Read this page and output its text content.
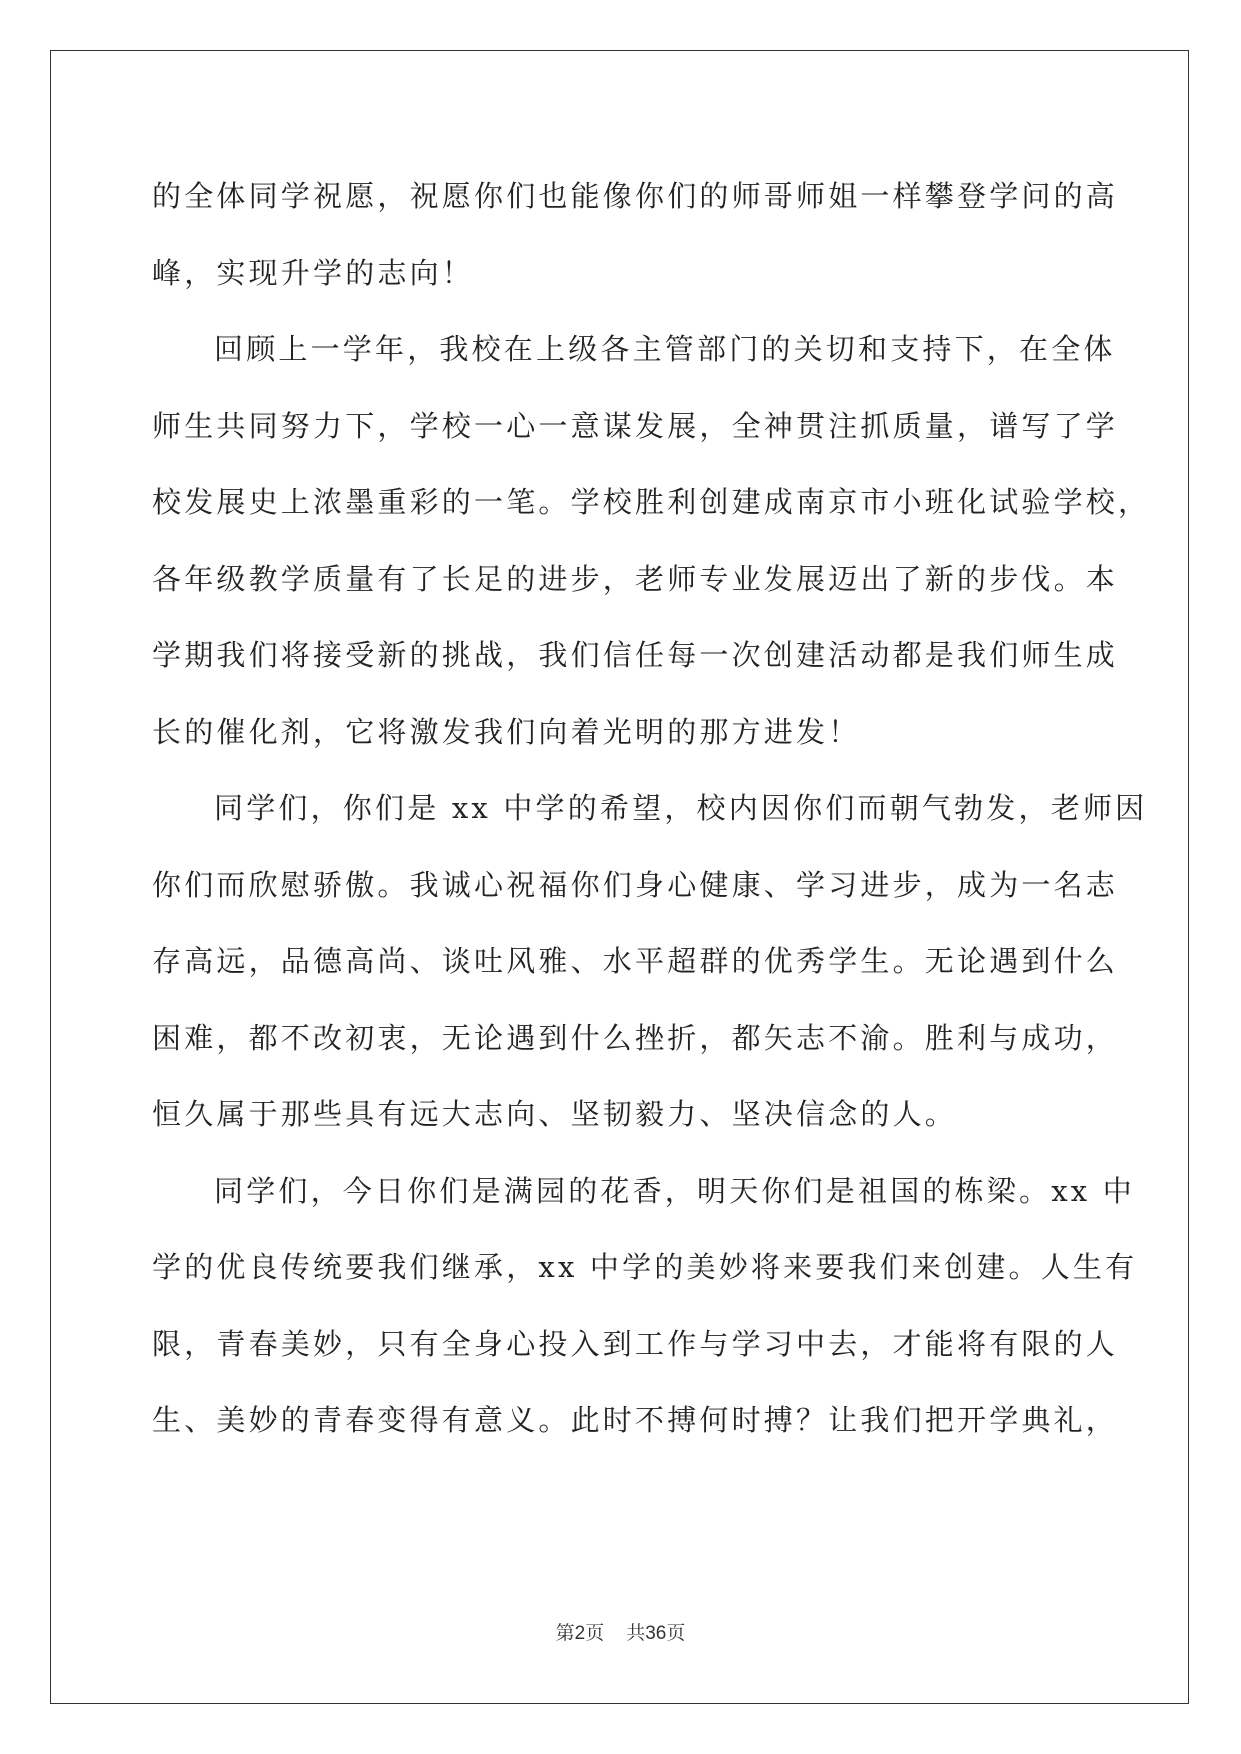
的全体同学祝愿，祝愿你们也能像你们的师哥师姐一样攀登学问的高
峰，实现升学的志向！
回顾上一学年，我校在上级各主管部门的关切和支持下，在全体
师生共同努力下，学校一心一意谋发展，全神贯注抓质量，谱写了学
校发展史上浓墨重彩的一笔。学校胜利创建成南京市小班化试验学校，
各年级教学质量有了长足的进步，老师专业发展迈出了新的步伐。本
学期我们将接受新的挑战，我们信任每一次创建活动都是我们师生成
长的催化剂，它将激发我们向着光明的那方进发！
同学们，你们是 xx 中学的希望，校内因你们而朝气勃发，老师因
你们而欣慰骄傲。我诚心祝福你们身心健康、学习进步，成为一名志
存高远，品德高尚、谈吐风雅、水平超群的优秀学生。无论遇到什么
困难，都不改初衷，无论遇到什么挫折，都矢志不渝。胜利与成功，
恒久属于那些具有远大志向、坚韧毅力、坚决信念的人。
同学们，今日你们是满园的花香，明天你们是祖国的栋梁。xx 中
学的优良传统要我们继承，xx 中学的美妙将来要我们来创建。人生有
限，青春美妙，只有全身心投入到工作与学习中去，才能将有限的人
生、美妙的青春变得有意义。此时不搏何时搏？让我们把开学典礼，
第2页 共36页
